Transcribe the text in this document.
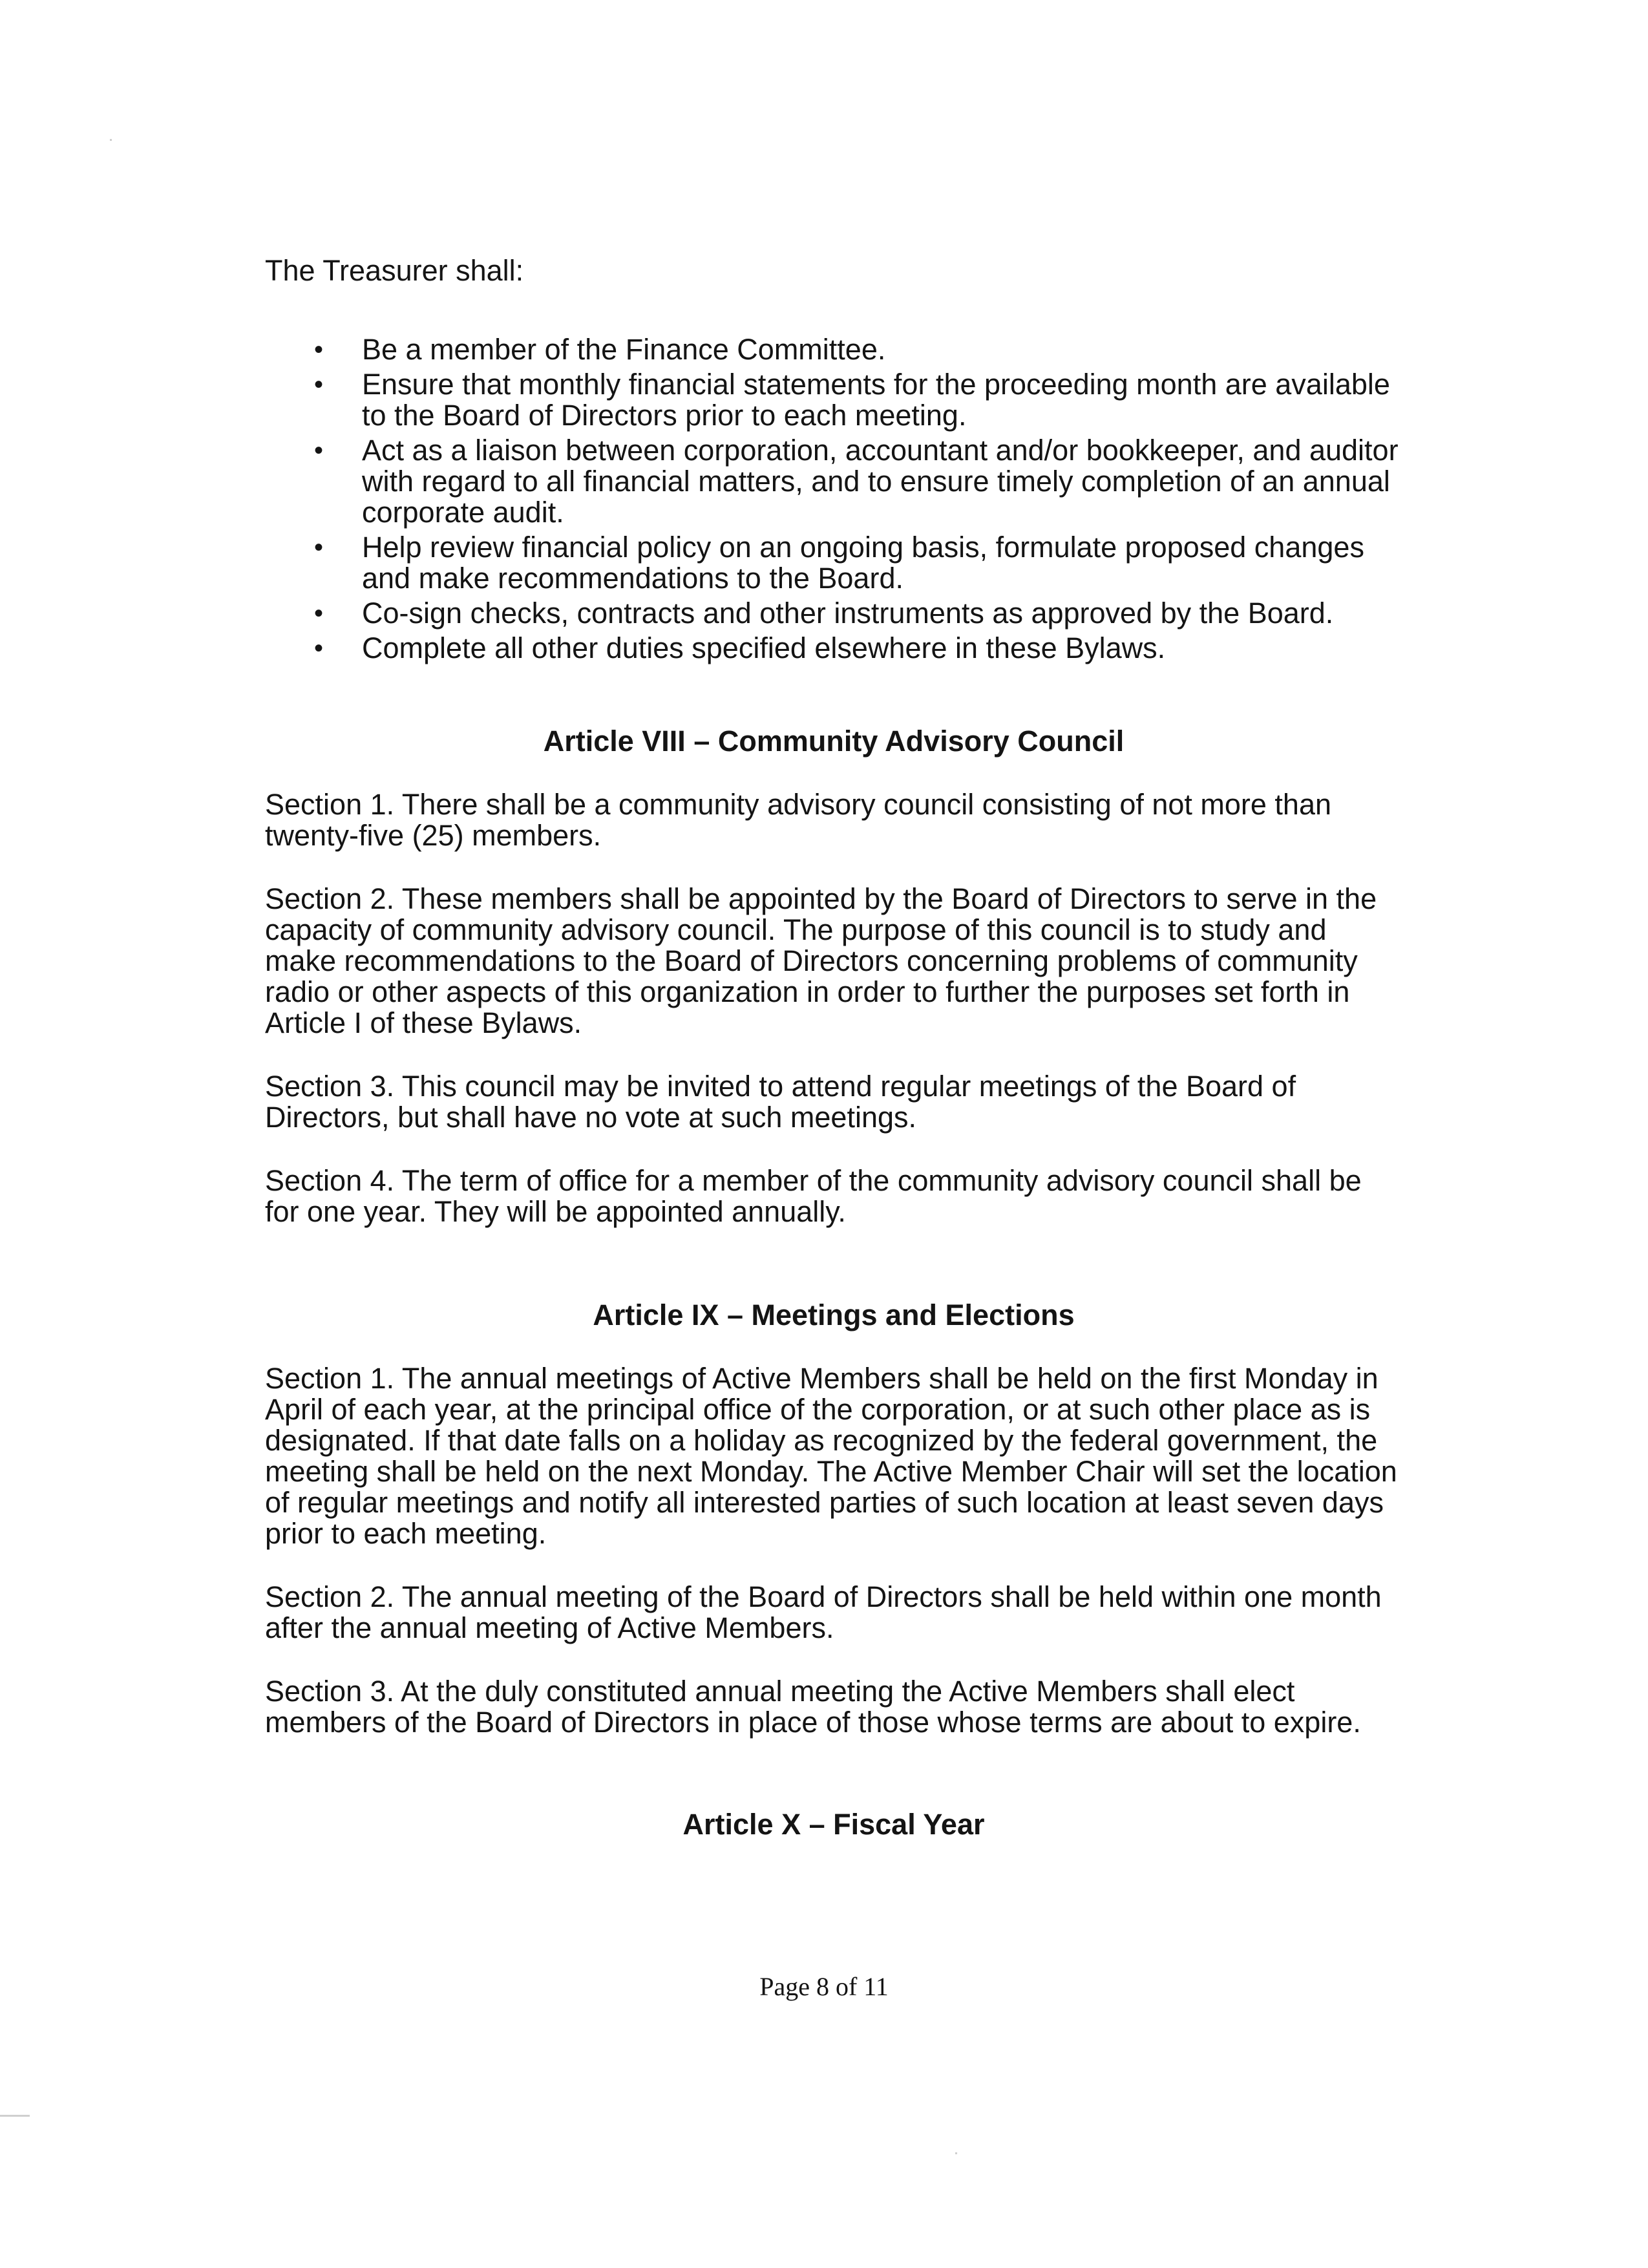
The Treasurer shall:

• Be a member of the Finance Committee.
• Ensure that monthly financial statements for the proceeding month are available to the Board of Directors prior to each meeting.
• Act as a liaison between corporation, accountant and/or bookkeeper, and auditor with regard to all financial matters, and to ensure timely completion of an annual corporate audit.
• Help review financial policy on an ongoing basis, formulate proposed changes and make recommendations to the Board.
• Co-sign checks, contracts and other instruments as approved by the Board.
• Complete all other duties specified elsewhere in these Bylaws.
Article VIII – Community Advisory Council

Section 1. There shall be a community advisory council consisting of not more than twenty-five (25) members.

Section 2. These members shall be appointed by the Board of Directors to serve in the capacity of community advisory council. The purpose of this council is to study and make recommendations to the Board of Directors concerning problems of community radio or other aspects of this organization in order to further the purposes set forth in Article I of these Bylaws.

Section 3. This council may be invited to attend regular meetings of the Board of Directors, but shall have no vote at such meetings.

Section 4. The term of office for a member of the community advisory council shall be for one year. They will be appointed annually.

Article IX – Meetings and Elections

Section 1. The annual meetings of Active Members shall be held on the first Monday in April of each year, at the principal office of the corporation, or at such other place as is designated. If that date falls on a holiday as recognized by the federal government, the meeting shall be held on the next Monday. The Active Member Chair will set the location of regular meetings and notify all interested parties of such location at least seven days prior to each meeting.

Section 2. The annual meeting of the Board of Directors shall be held within one month after the annual meeting of Active Members.

Section 3. At the duly constituted annual meeting the Active Members shall elect members of the Board of Directors in place of those whose terms are about to expire.

Article X – Fiscal Year
Page 8 of 11
